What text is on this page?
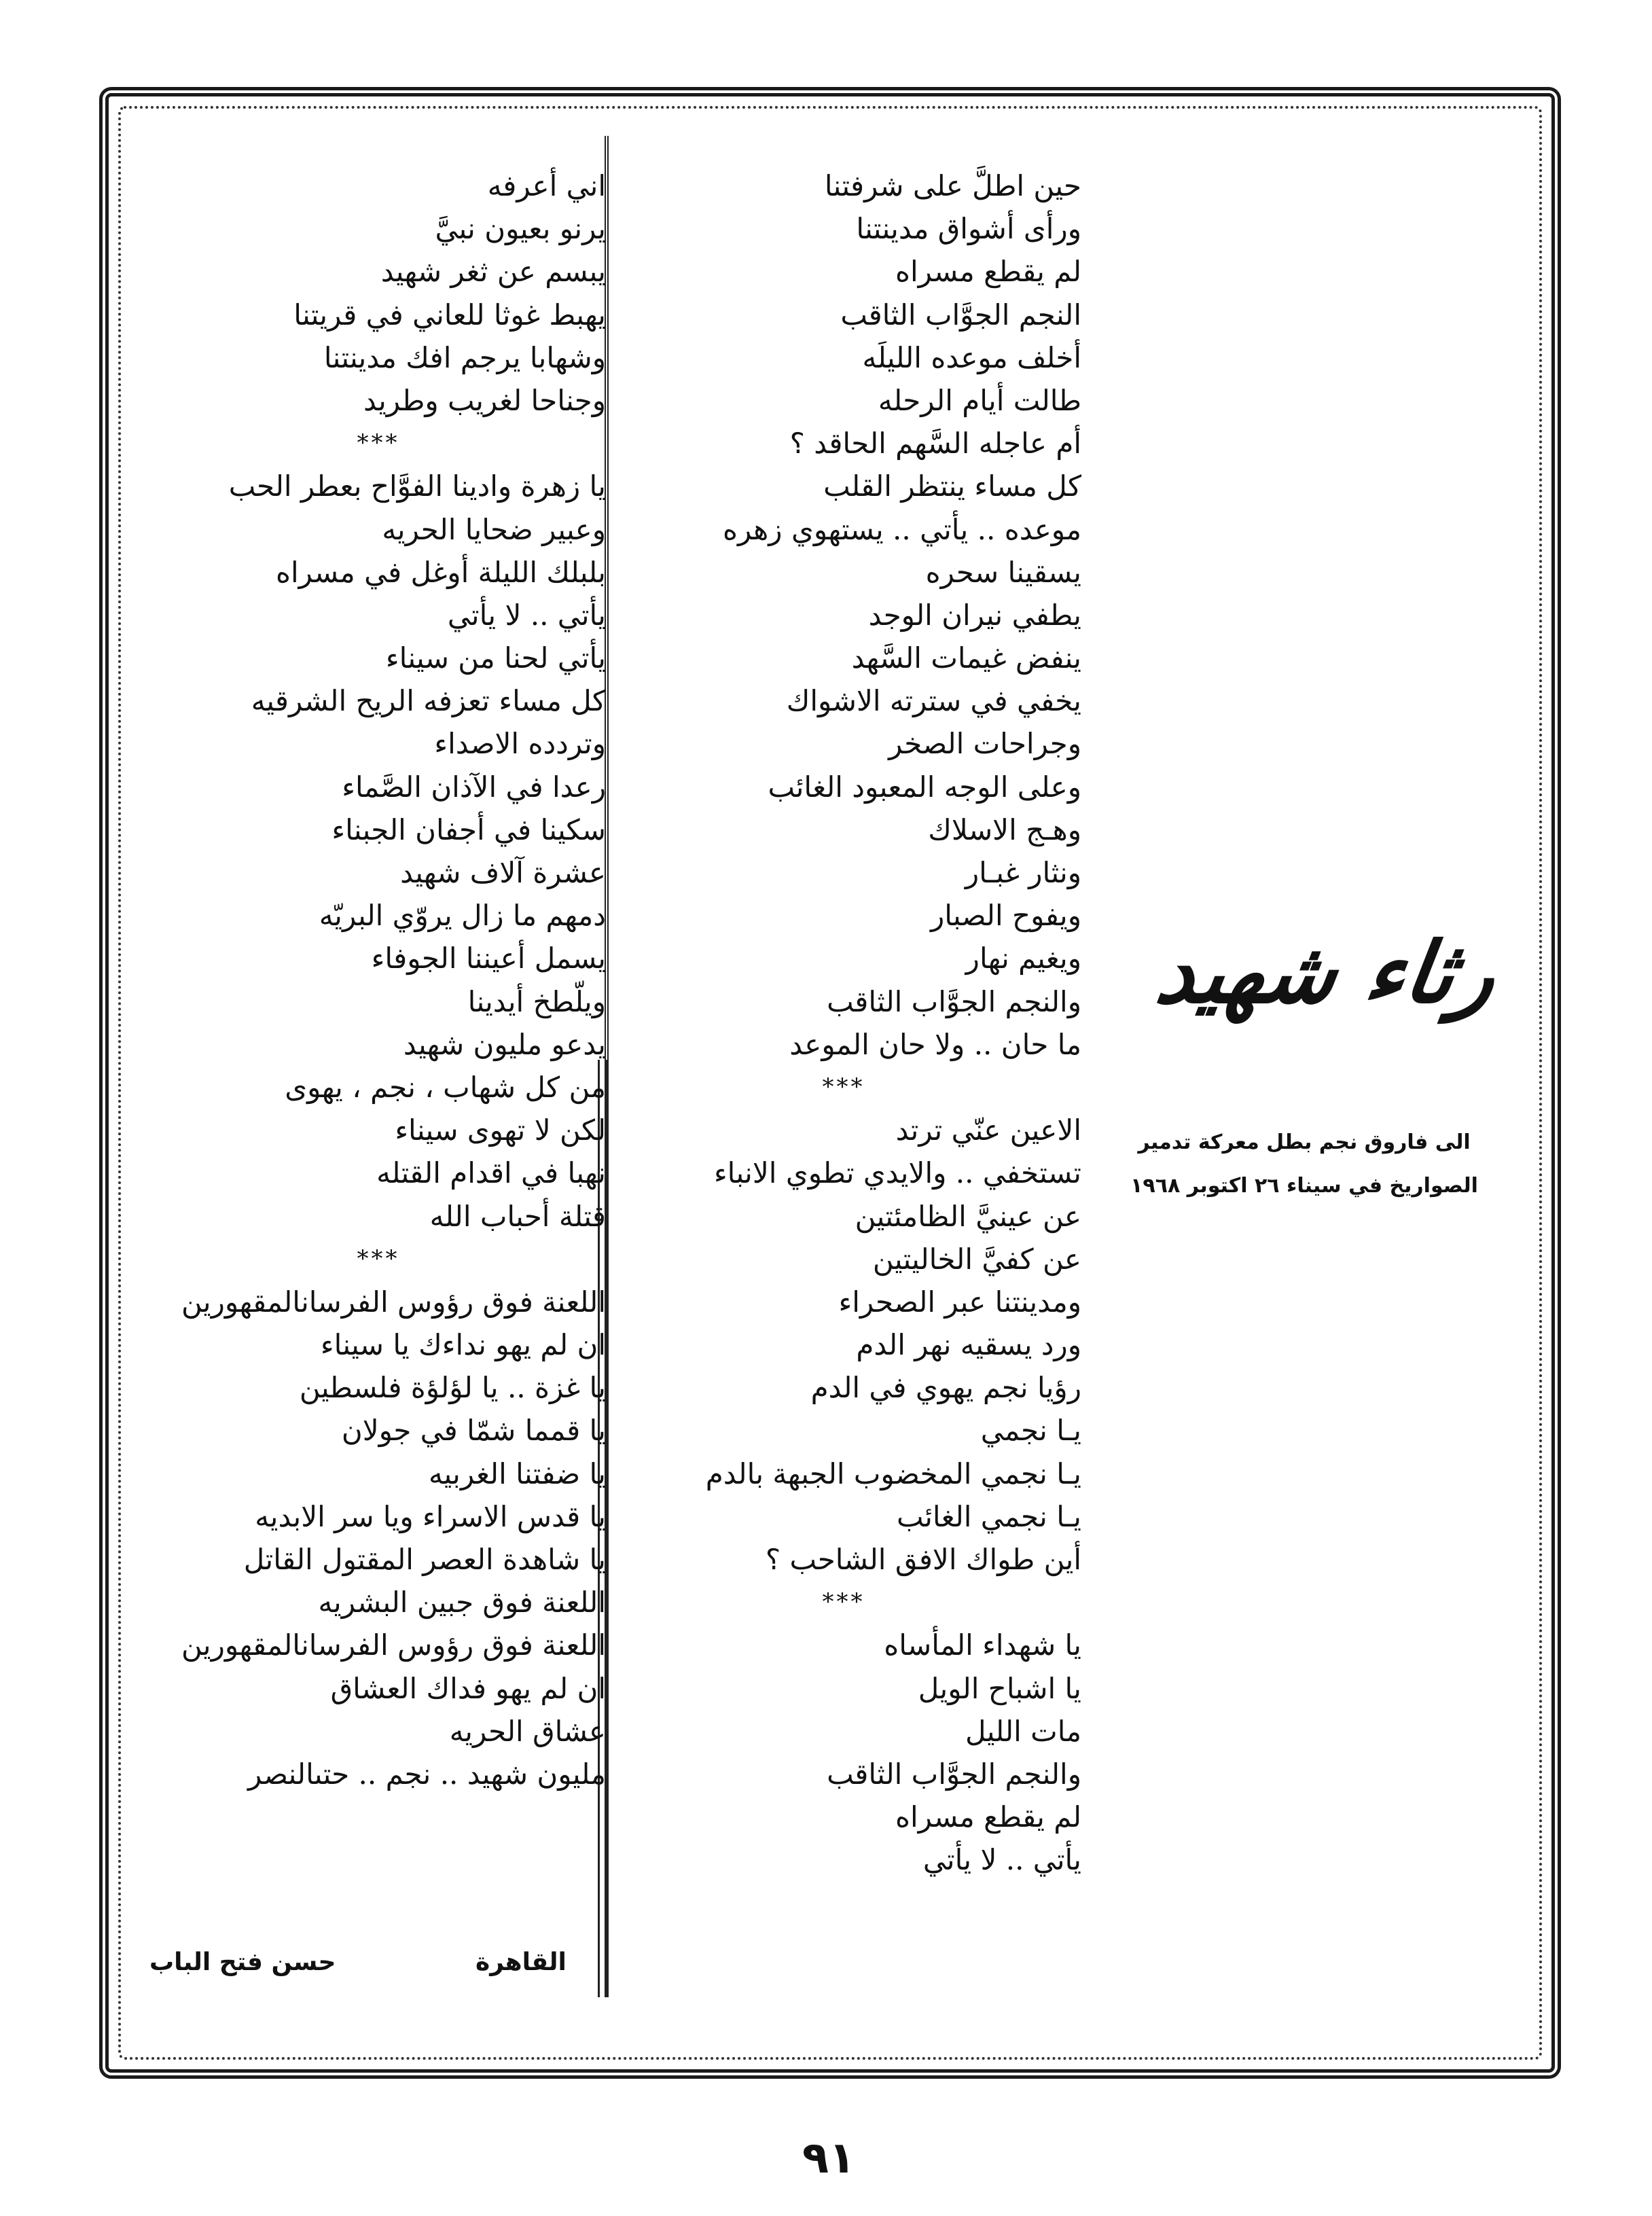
حين اطلَّ على شرفتنا
ورأى أشواق مدينتنا
لم يقطع مسراه
النجم الجوَّاب الثاقب
أخلف موعده الليلَه
طالت أيام الرحله
أم عاجله السَّهم الحاقد ؟
كل مساء ينتظر القلب
موعده .. يأتي .. يستهوي زهره
يسقينا سحره
يطفي نيران الوجد
ينفض غيمات السَّهد
يخفي في سترته الاشواك
وجراحات الصخر
وعلى الوجه المعبود الغائب
وهـج الاسلاك
ونثار غبـار
ويفوح الصبار
ويغيم نهار
والنجم الجوَّاب الثاقب
ما حان .. ولا حان الموعد
***
الاعين عنّي ترتد
تستخفي .. والايدي تطوي الانباء
عن عينيَّ الظامئتين
عن كفيَّ الخاليتين
ومدينتنا عبر الصحراء
ورد يسقيه نهر الدم
رؤيا نجم يهوي في الدم
يـا نجمي
يـا نجمي المخضوب الجبهة بالدم
يـا نجمي الغائب
أين طواك الافق الشاحب ؟
***
يا شهداء المأساه
يا اشباح الويل
مات الليل
والنجم الجوَّاب الثاقب
لم يقطع مسراه
يأتي .. لا يأتي
اني أعرفه
يرنو بعيون نبيَّ
يبسم عن ثغر شهيد
يهبط غوثا للعاني في قريتنا
وشهابا يرجم افك مدينتنا
وجناحا لغريب وطريد
***
يا زهرة وادينا الفوَّاح بعطر الحب
وعبير ضحايا الحريه
بلبلك الليلة أوغل في مسراه
يأتي .. لا يأتي
يأتي لحنا من سيناء
كل مساء تعزفه الريح الشرقيه
وتردده الاصداء
رعدا في الآذان الصَّماء
سكينا في أجفان الجبناء
عشرة آلاف شهيد
دمهم ما زال يروّي البريّه
يسمل أعيننا الجوفاء
ويلّطخ أيدينا
يدعو مليون شهيد
من كل شهاب ، نجم ، يهوى
لكن لا تهوى سيناء
نهبا في اقدام القتله
قتلة أحباب الله
***
اللعنة فوق رؤوس الفرسانالمقهورين
ان لم يهو نداءك يا سيناء
يا غزة .. يا لؤلؤة فلسطين
يا قمما شمّا في جولان
يا ضفتنا الغربيه
يا قدس الاسراء ويا سر الابديه
يا شاهدة العصر المقتول القاتل
اللعنة فوق جبين البشريه
اللعنة فوق رؤوس الفرسانالمقهورين
ان لم يهو فداك العشاق
عشاق الحريه
مليون شهيد .. نجم .. حتىالنصر
رثاء شهيد
الى فاروق نجم بطل معركة تدمير
الصواريخ في سيناء ٢٦ اكتوبر ١٩٦٨
القاهرة
حسن فتح الباب
٩١
